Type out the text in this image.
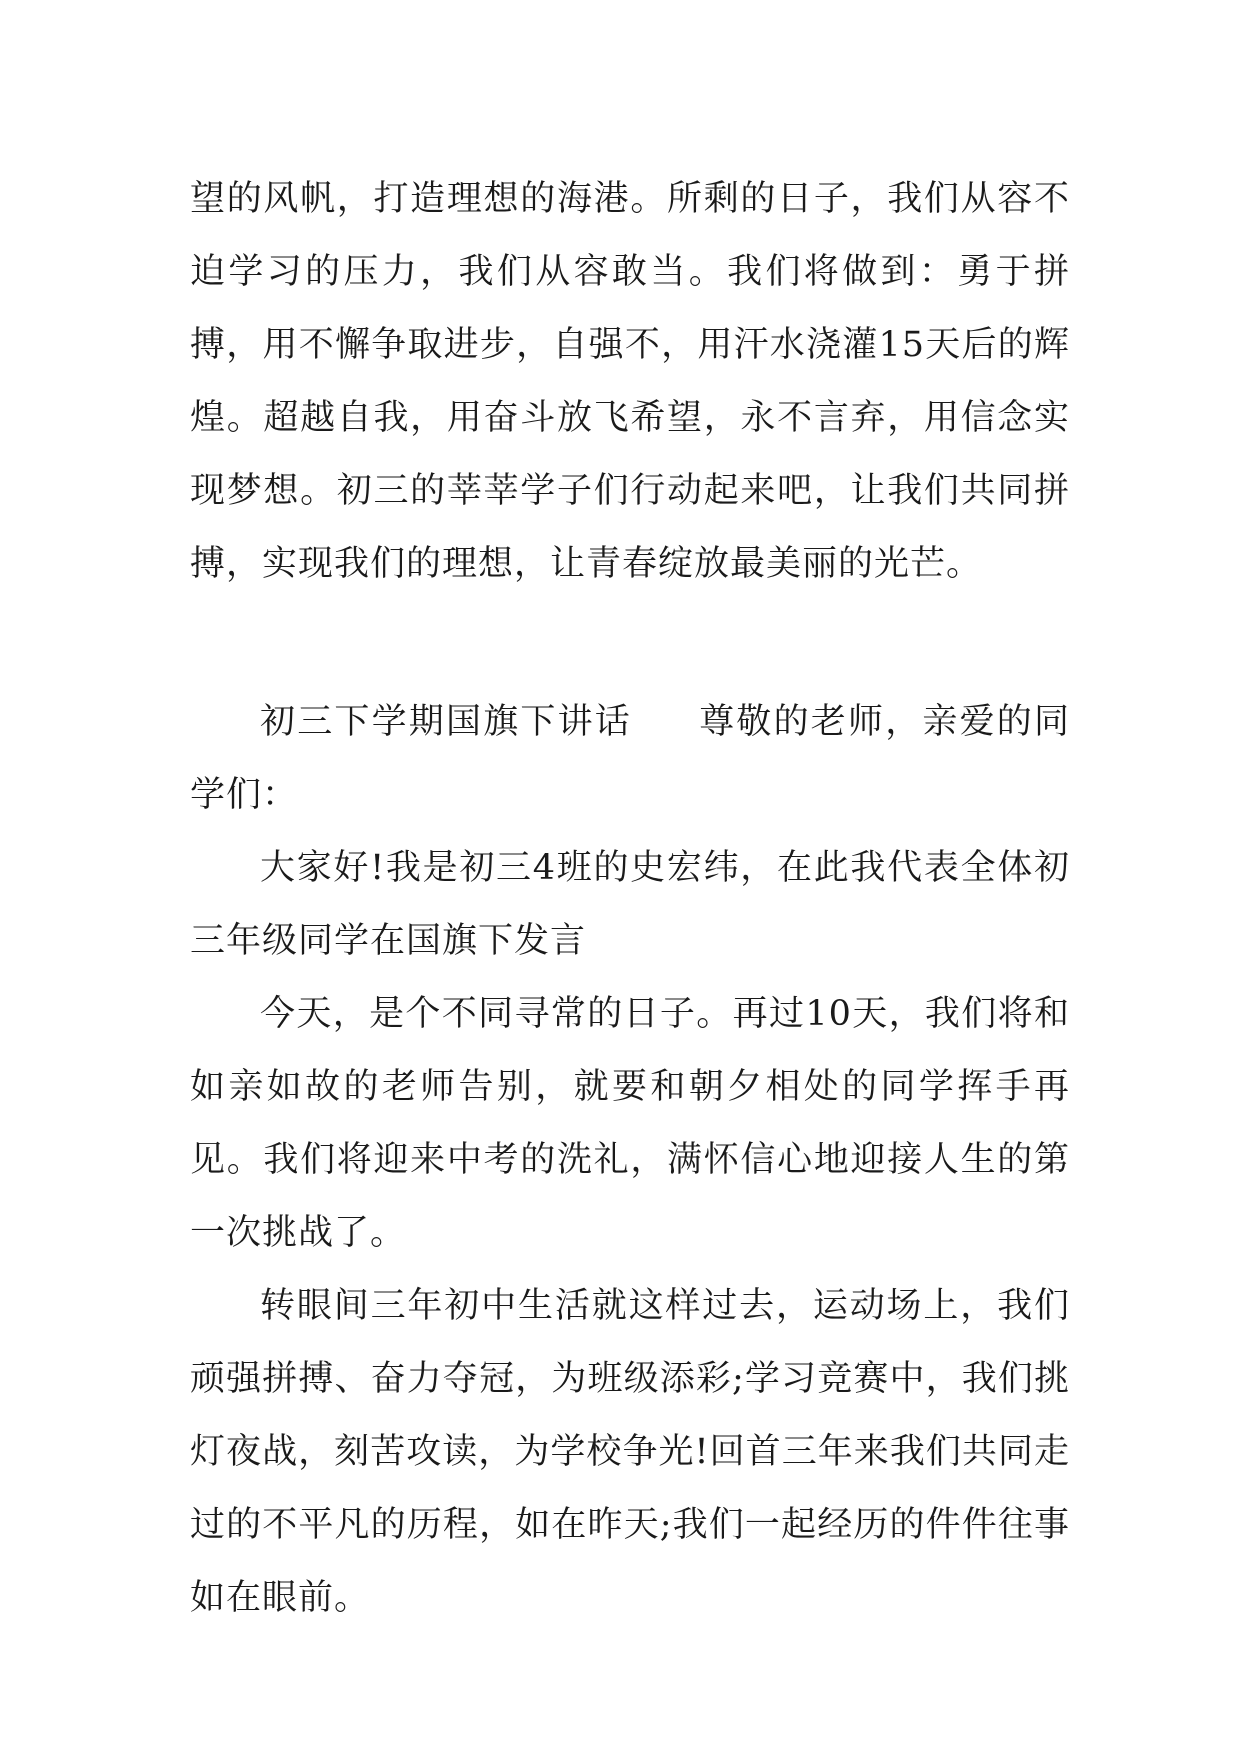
望的风帆，打造理想的海港。所剩的日子，我们从容不迫学习的压力，我们从容敢当。我们将做到：勇于拼搏，用不懈争取进步，自强不，用汗水浇灌15天后的辉煌。超越自我，用奋斗放飞希望，永不言弃，用信念实现梦想。初三的莘莘学子们行动起来吧，让我们共同拼搏，实现我们的理想，让青春绽放最美丽的光芒。

初三下学期国旗下讲话 尊敬的老师，亲爱的同学们：

大家好!我是初三4班的史宏纬，在此我代表全体初三年级同学在国旗下发言

今天，是个不同寻常的日子。再过10天，我们将和如亲如故的老师告别，就要和朝夕相处的同学挥手再见。我们将迎来中考的洗礼，满怀信心地迎接人生的第一次挑战了。

转眼间三年初中生活就这样过去，运动场上，我们顽强拼搏、奋力夺冠，为班级添彩;学习竞赛中，我们挑灯夜战，刻苦攻读，为学校争光!回首三年来我们共同走过的不平凡的历程，如在昨天;我们一起经历的件件往事如在眼前。
